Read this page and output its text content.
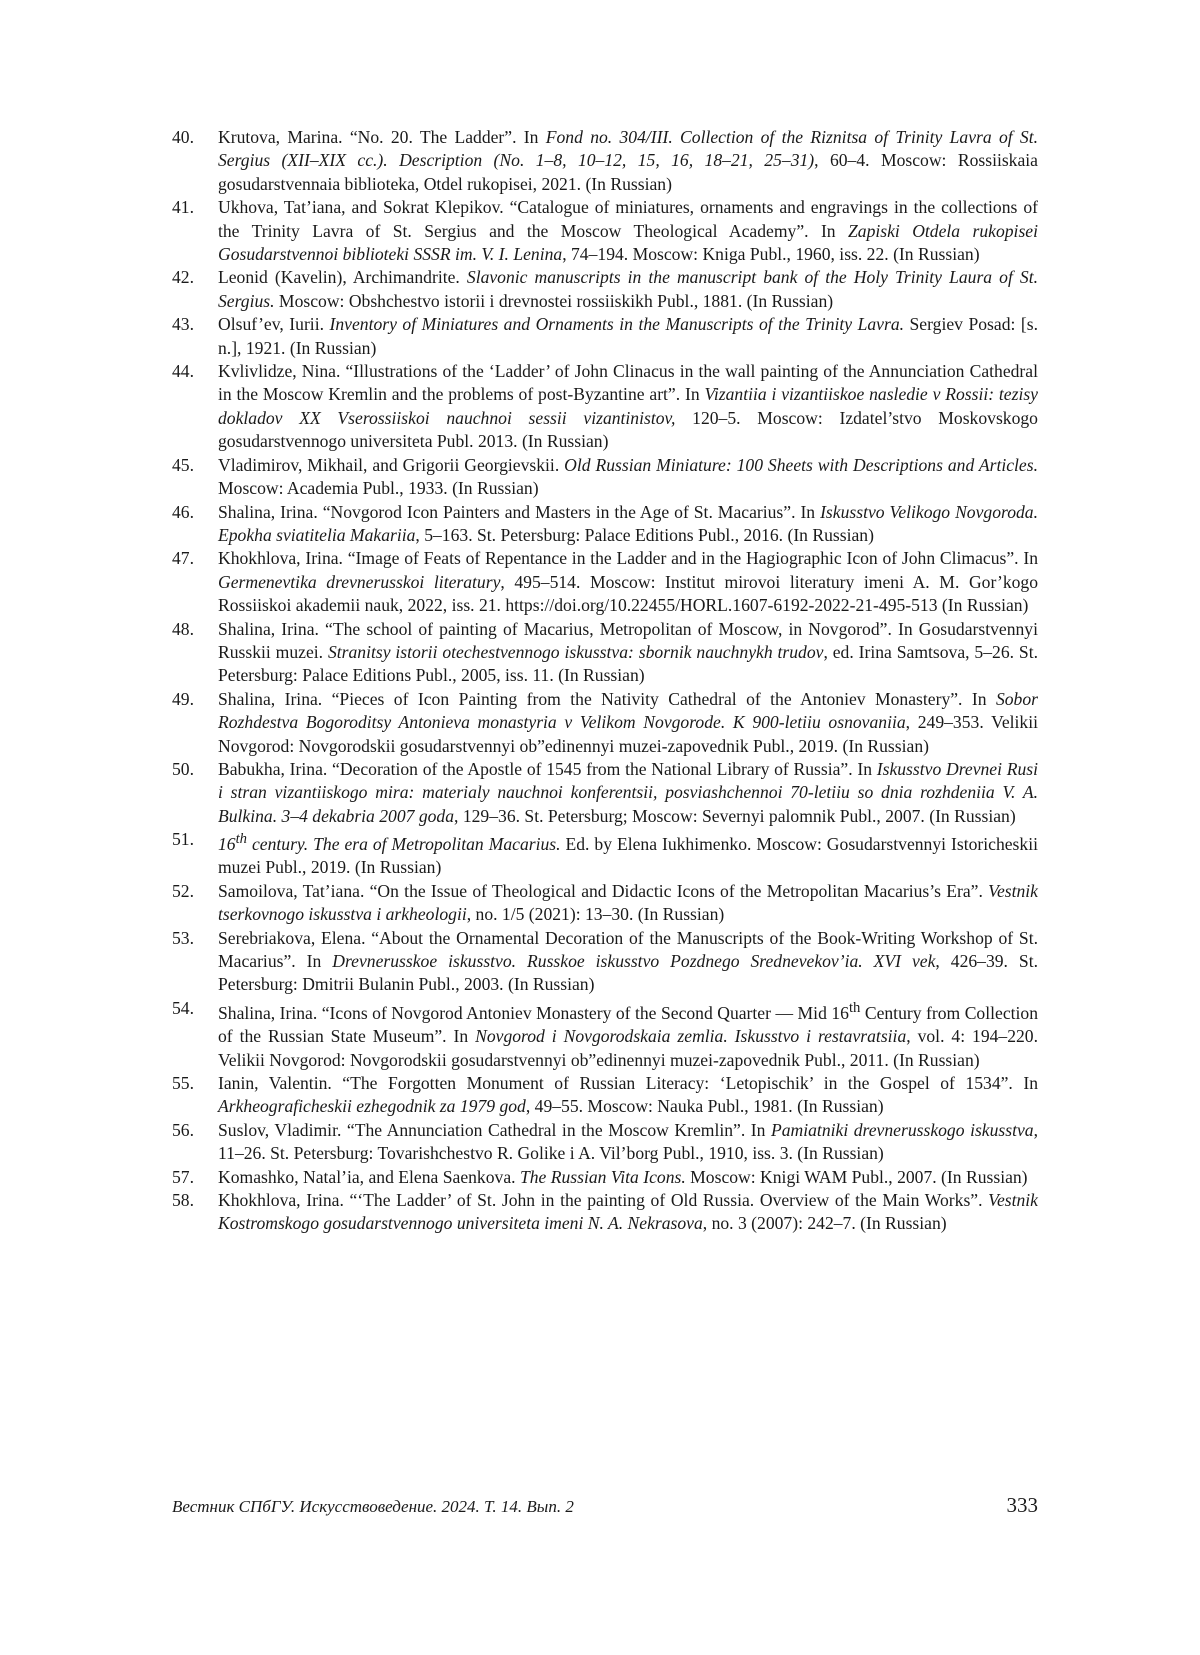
40.	Krutova, Marina. “No. 20. The Ladder”. In Fond no. 304/III. Collection of the Riznitsa of Trinity Lavra of St. Sergius (XII–XIX cc.). Description (No. 1–8, 10–12, 15, 16, 18–21, 25–31), 60–4. Moscow: Rossiiskaia gosudarstvennaia biblioteka, Otdel rukopisei, 2021. (In Russian)
41.	Ukhova, Tat’iana, and Sokrat Klepikov. “Catalogue of miniatures, ornaments and engravings in the collections of the Trinity Lavra of St. Sergius and the Moscow Theological Academy”. In Zapiski Otdela rukopisei Gosudarstvennoi biblioteki SSSR im. V. I. Lenina, 74–194. Moscow: Kniga Publ., 1960, iss. 22. (In Russian)
42.	Leonid (Kavelin), Archimandrite. Slavonic manuscripts in the manuscript bank of the Holy Trinity Laura of St. Sergius. Moscow: Obshchestvo istorii i drevnostei rossiiskikh Publ., 1881. (In Russian)
43.	Olsuf’ev, Iurii. Inventory of Miniatures and Ornaments in the Manuscripts of the Trinity Lavra. Sergiev Posad: [s. n.], 1921. (In Russian)
44.	Kvlivlidze, Nina. “Illustrations of the ‘Ladder’ of John Clinacus in the wall painting of the Annunciation Cathedral in the Moscow Kremlin and the problems of post-Byzantine art”. In Vizantiia i vizantiiskoe nasledie v Rossii: tezisy dokladov XX Vserossiiskoi nauchnoi sessii vizantinistov, 120–5. Moscow: Izdatel’stvo Moskovskogo gosudarstvennogo universiteta Publ. 2013. (In Russian)
45.	Vladimirov, Mikhail, and Grigorii Georgievskii. Old Russian Miniature: 100 Sheets with Descriptions and Articles. Moscow: Academia Publ., 1933. (In Russian)
46.	Shalina, Irina. “Novgorod Icon Painters and Masters in the Age of St. Macarius”. In Iskusstvo Velikogo Novgoroda. Epokha sviatitelia Makariia, 5–163. St. Petersburg: Palace Editions Publ., 2016. (In Russian)
47.	Khokhlova, Irina. “Image of Feats of Repentance in the Ladder and in the Hagiographic Icon of John Climacus”. In Germenevtika drevnerusskoi literatury, 495–514. Moscow: Institut mirovoi literatury imeni A. M. Gor’kogo Rossiiskoi akademii nauk, 2022, iss. 21. https://doi.org/10.22455/HORL.1607-6192-2022-21-495-513 (In Russian)
48.	Shalina, Irina. “The school of painting of Macarius, Metropolitan of Moscow, in Novgorod”. In Gosudarstvennyi Russkii muzei. Stranitsy istorii otechestvennogo iskusstva: sbornik nauchnykh trudov, ed. Irina Samtsova, 5–26. St. Petersburg: Palace Editions Publ., 2005, iss. 11. (In Russian)
49.	Shalina, Irina. “Pieces of Icon Painting from the Nativity Cathedral of the Antoniev Monastery”. In Sobor Rozhdestva Bogoroditsy Antonieva monastyria v Velikom Novgorode. K 900-letiiu osnovaniia, 249–353. Velikii Novgorod: Novgorodskii gosudarstvennyi ob”edinennyi muzei-zapovednik Publ., 2019. (In Russian)
50.	Babukha, Irina. “Decoration of the Apostle of 1545 from the National Library of Russia”. In Iskusstvo Drevnei Rusi i stran vizantiiskogo mira: materialy nauchnoi konferentsii, posviashchennoi 70-letiiu so dnia rozhdeniia V. A. Bulkina. 3–4 dekabria 2007 goda, 129–36. St. Petersburg; Moscow: Severnyi palomnik Publ., 2007. (In Russian)
51.	16th century. The era of Metropolitan Macarius. Ed. by Elena Iukhimenko. Moscow: Gosudarstvennyi Istoricheskii muzei Publ., 2019. (In Russian)
52.	Samoilova, Tat’iana. “On the Issue of Theological and Didactic Icons of the Metropolitan Macarius’s Era”. Vestnik tserkovnogo iskusstva i arkheologii, no. 1/5 (2021): 13–30. (In Russian)
53.	Serebriakova, Elena. “About the Ornamental Decoration of the Manuscripts of the Book-Writing Workshop of St. Macarius”. In Drevnerusskoe iskusstvo. Russkoe iskusstvo Pozdnego Srednevekov’ia. XVI vek, 426–39. St. Petersburg: Dmitrii Bulanin Publ., 2003. (In Russian)
54.	Shalina, Irina. “Icons of Novgorod Antoniev Monastery of the Second Quarter — Mid 16th Century from Collection of the Russian State Museum”. In Novgorod i Novgorodskaia zemlia. Iskusstvo i restavratsiia, vol. 4: 194–220. Velikii Novgorod: Novgorodskii gosudarstvennyi ob”edinennyi muzei-zapovednik Publ., 2011. (In Russian)
55.	Ianin, Valentin. “The Forgotten Monument of Russian Literacy: ‘Letopischik’ in the Gospel of 1534”. In Arkheograficheskii ezhegodnik za 1979 god, 49–55. Moscow: Nauka Publ., 1981. (In Russian)
56.	Suslov, Vladimir. “The Annunciation Cathedral in the Moscow Kremlin”. In Pamiatniki drevnerusskogo iskusstva, 11–26. St. Petersburg: Tovarishchestvo R. Golike i A. Vil’borg Publ., 1910, iss. 3. (In Russian)
57.	Komashko, Natal’ia, and Elena Saenkova. The Russian Vita Icons. Moscow: Knigi WAM Publ., 2007. (In Russian)
58.	Khokhlova, Irina. “‘The Ladder’ of St. John in the painting of Old Russia. Overview of the Main Works”. Vestnik Kostromskogo gosudarstvennogo universiteta imeni N. A. Nekrasova, no. 3 (2007): 242–7. (In Russian)
Вестник СПбГУ. Искусствоведение. 2024. Т. 14. Вып. 2	333
